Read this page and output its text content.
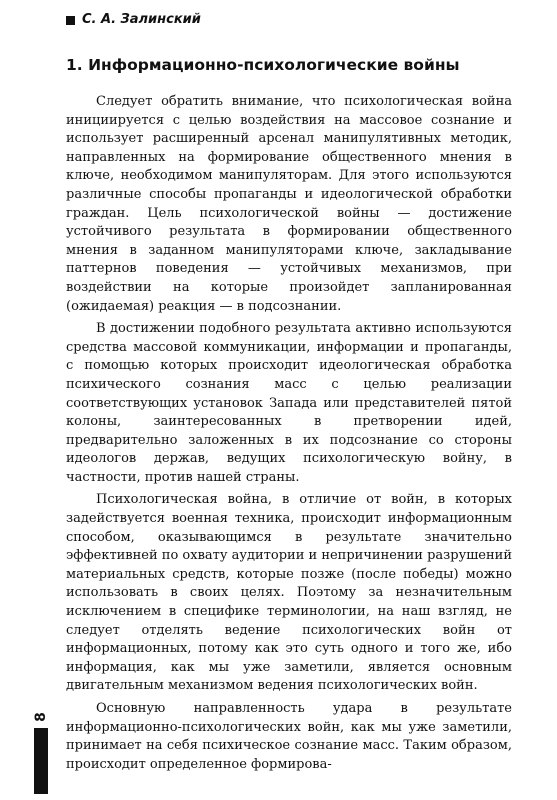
С. А. Залинский
1. Информационно-психологические войны

Следует обратить внимание, что психологическая война инициируется с целью воздействия на массовое сознание и использует расширенный арсенал манипулятивных методик, направленных на формирование общественного мнения в ключе, необходимом манипуляторам. Для этого используются различные способы пропаганды и идеологической обработки граждан. Цель психологической войны — достижение устойчивого результата в формировании общественного мнения в заданном манипуляторами ключе, закладывание паттернов поведения — устойчивых механизмов, при воздействии на которые произойдет запланированная (ожидаемая) реакция — в подсознании.

В достижении подобного результата активно используются средства массовой коммуникации, информации и пропаганды, с помощью которых происходит идеологическая обработка психического сознания масс с целью реализации соответствующих установок Запада или представителей пятой колоны, заинтересованных в претворении идей, предварительно заложенных в их подсознание со стороны идеологов держав, ведущих психологическую войну, в частности, против нашей страны.

Психологическая война, в отличие от войн, в которых задействуется военная техника, происходит информационным способом, оказывающимся в результате значительно эффективней по охвату аудитории и непричинении разрушений материальных средств, которые позже (после победы) можно использовать в своих целях. Поэтому за незначительным исключением в специфике терминологии, на наш взгляд, не следует отделять ведение психологических войн от информационных, потому как это суть одного и того же, ибо информация, как мы уже заметили, является основным двигательным механизмом ведения психологических войн.

Основную направленность удара в результате информационно-психологических войн, как мы уже заметили, принимает на себя психическое сознание масс. Таким образом, происходит определенное формирова-

8
